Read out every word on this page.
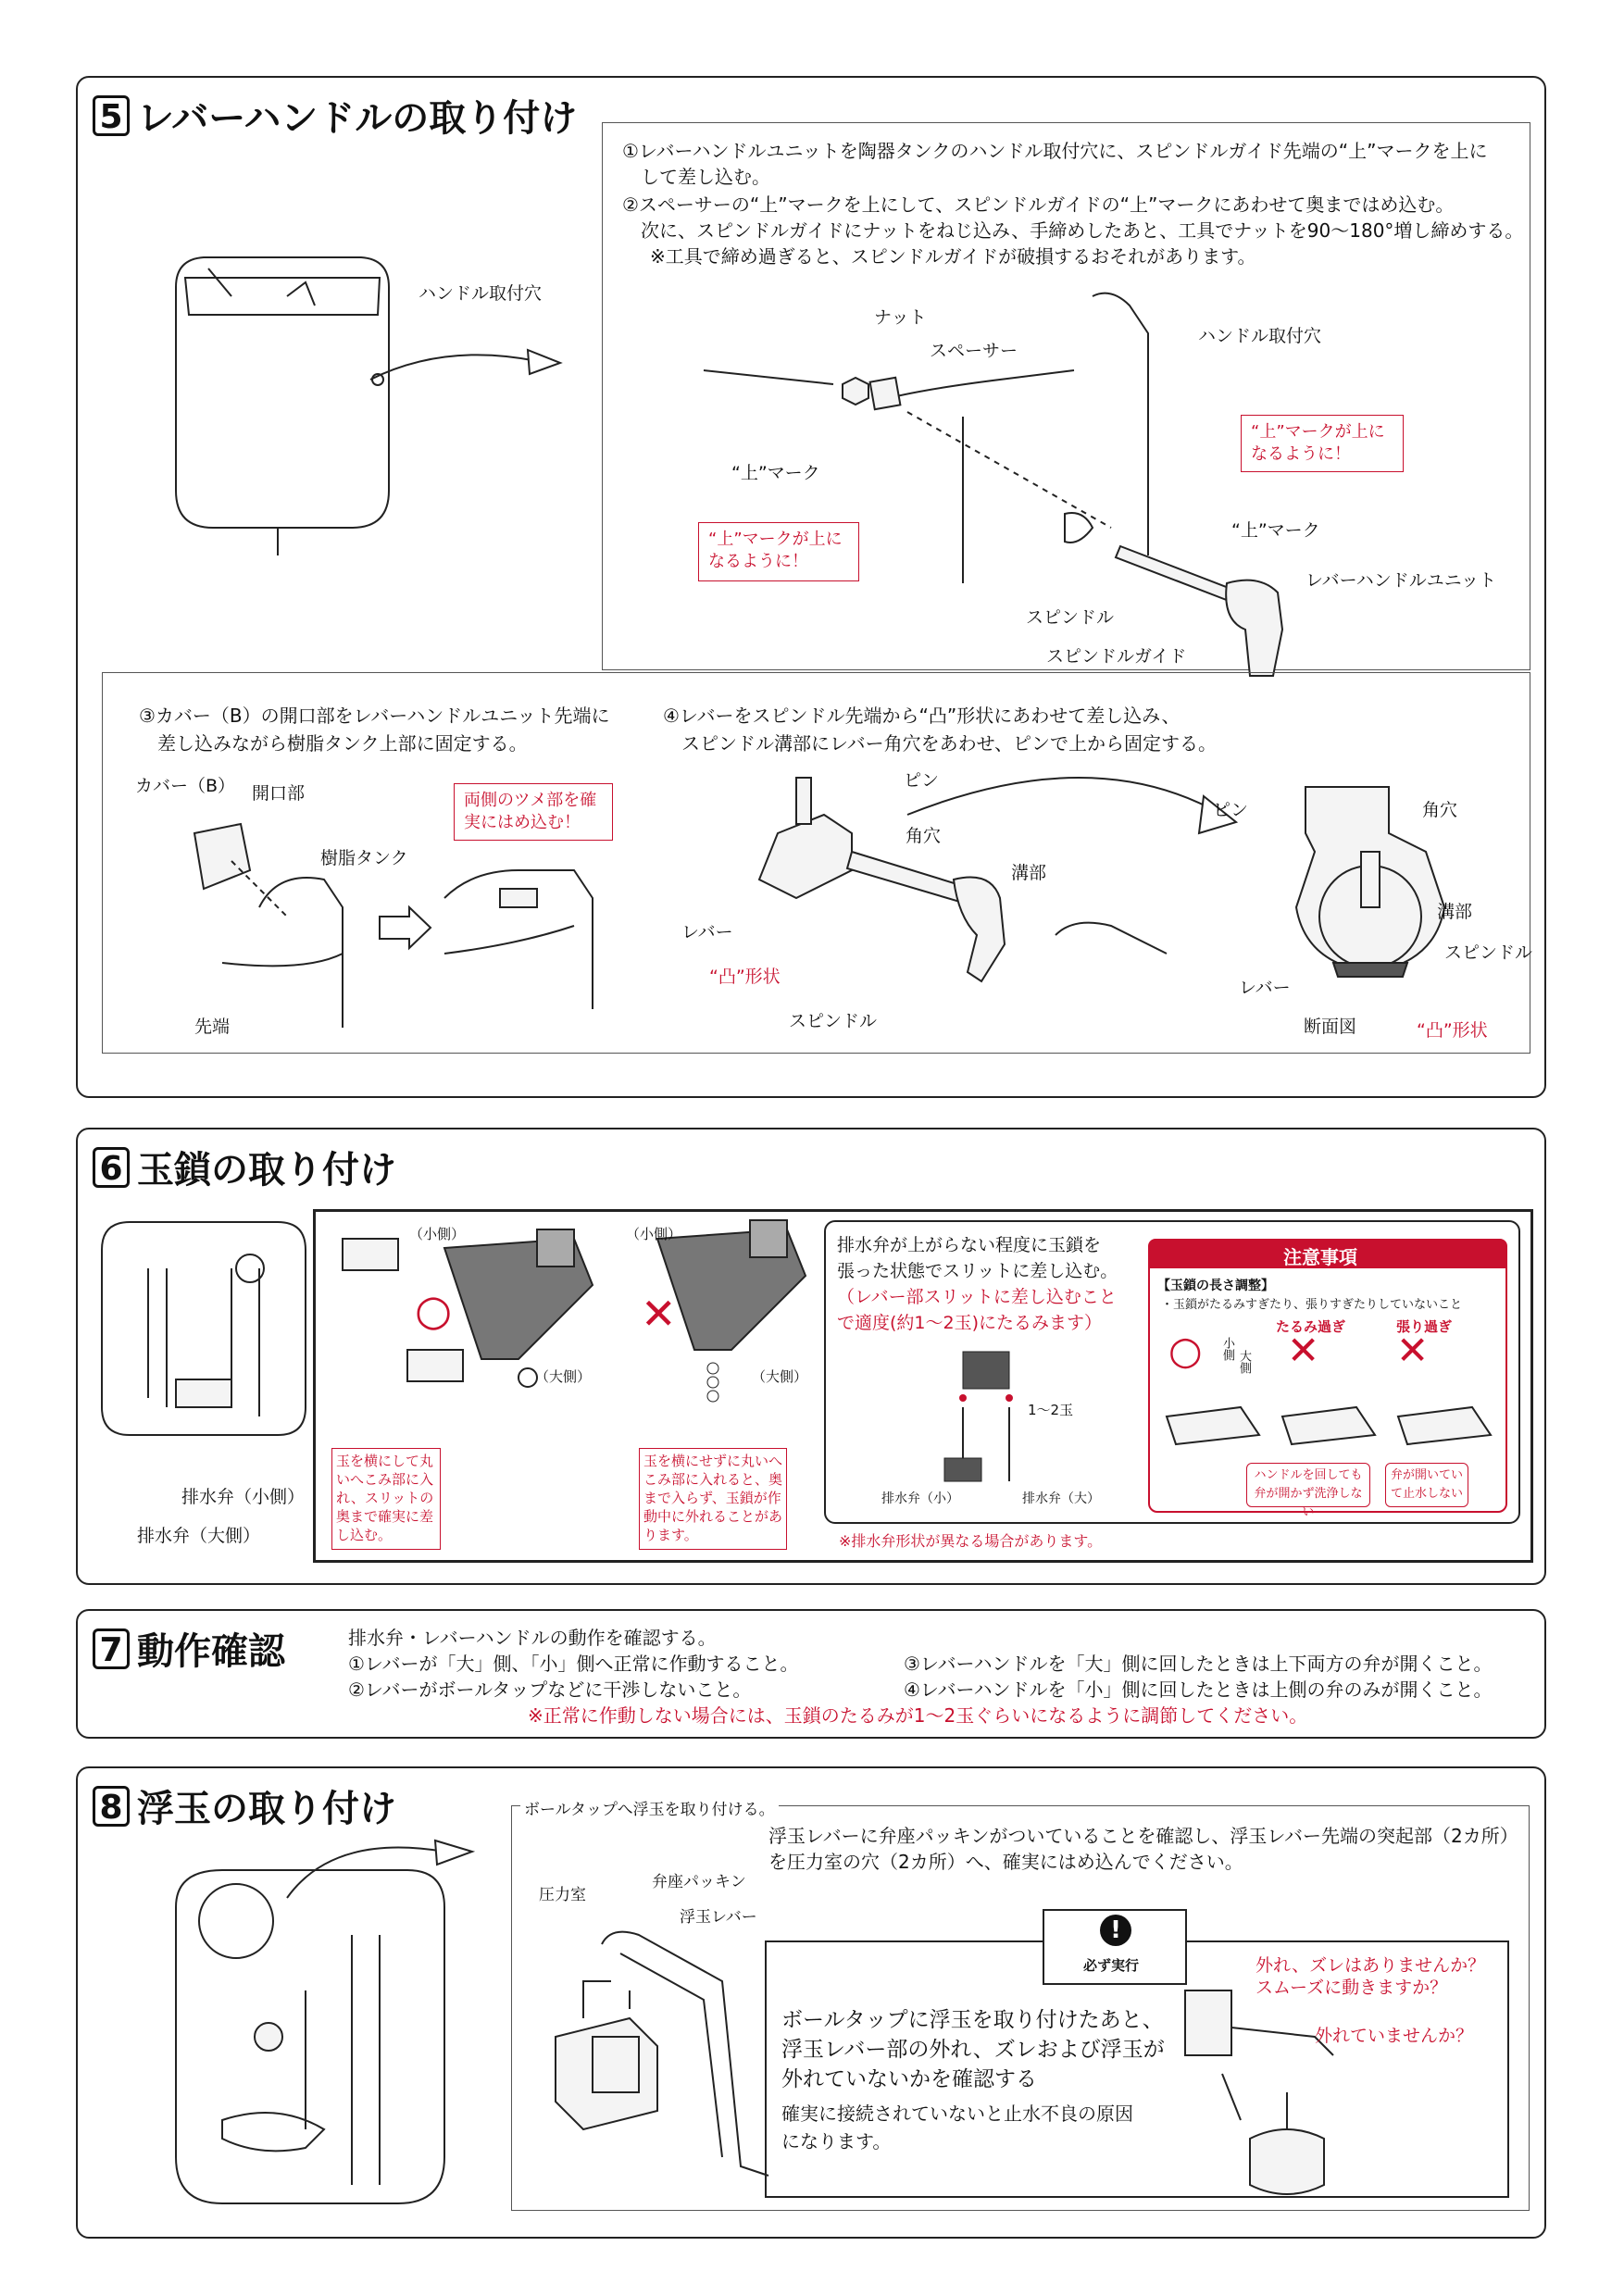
5 レバーハンドルの取り付け
ハンドル取付穴
①レバーハンドルユニットを陶器タンクのハンドル取付穴に、スピンドルガイド先端の“上”マークを上に
して差し込む。
②スペーサーの“上”マークを上にして、スピンドルガイドの“上”マークにあわせて奥まではめ込む。
次に、スピンドルガイドにナットをねじ込み、手締めしたあと、工具でナットを90～180°増し締めする。
※工具で締め過ぎると、スピンドルガイドが破損するおそれがあります。
ナット
スペーサー
ハンドル取付穴
“上”マーク
“上”マークが上になるように！
“上”マークが上になるように！
“上”マーク
レバーハンドルユニット
スピンドル
スピンドルガイド
③カバー（B）の開口部をレバーハンドルユニット先端に
差し込みながら樹脂タンク上部に固定する。
カバー（B） 開口部
樹脂タンク
先端
両側のツメ部を確実にはめ込む！
④レバーをスピンドル先端から“凸”形状にあわせて差し込み、
スピンドル溝部にレバー角穴をあわせ、ピンで上から固定する。
ピン
角穴
溝部
レバー
“凸”形状
スピンドル
ピン	角穴
溝部
スピンドル
レバー
断面図	“凸”形状
6 玉鎖の取り付け
排水弁（小側）
排水弁（大側）
○
（小側）
（大側）
玉を横にして丸いへこみ部に入れ、スリットの奥まで確実に差し込む。
✕
（小側）
（大側）
玉を横にせずに丸いへこみ部に入れると、奥まで入らず、玉鎖が作動中に外れることがあります。
排水弁が上がらない程度に玉鎖を
張った状態でスリットに差し込む。
（レバー部スリットに差し込むこと
で適度(約1～2玉)にたるみます）
1～2玉
排水弁（小）	排水弁（大）
注意事項
【玉鎖の長さ調整】
・玉鎖がたるみすぎたり、張りすぎたりしていないこと
たるみ過ぎ	張り過ぎ
○ ✕ ✕
小側
大側
ハンドルを回しても弁が開かず洗浄しない
弁が開いていて止水しない
※排水弁形状が異なる場合があります。
7 動作確認	排水弁・レバーハンドルの動作を確認する。
①レバーが「大」側、「小」側へ正常に作動すること。
②レバーがボールタップなどに干渉しないこと。
③レバーハンドルを「大」側に回したときは上下両方の弁が開くこと。
④レバーハンドルを「小」側に回したときは上側の弁のみが開くこと。
※正常に作動しない場合には、玉鎖のたるみが1～2玉ぐらいになるように調節してください。
8 浮玉の取り付け	ボールタップへ浮玉を取り付ける。
浮玉レバーに弁座パッキンがついていることを確認し、浮玉レバー先端の突起部（2カ所）
を圧力室の穴（2カ所）へ、確実にはめ込んでください。
圧力室
弁座パッキン
浮玉レバー	!
必ず実行
ボールタップに浮玉を取り付けたあと、
浮玉レバー部の外れ、ズレおよび浮玉が
外れていないかを確認する
確実に接続されていないと止水不良の原因
になります。
外れ、ズレはありませんか？
スムーズに動きますか？
外れていませんか？
